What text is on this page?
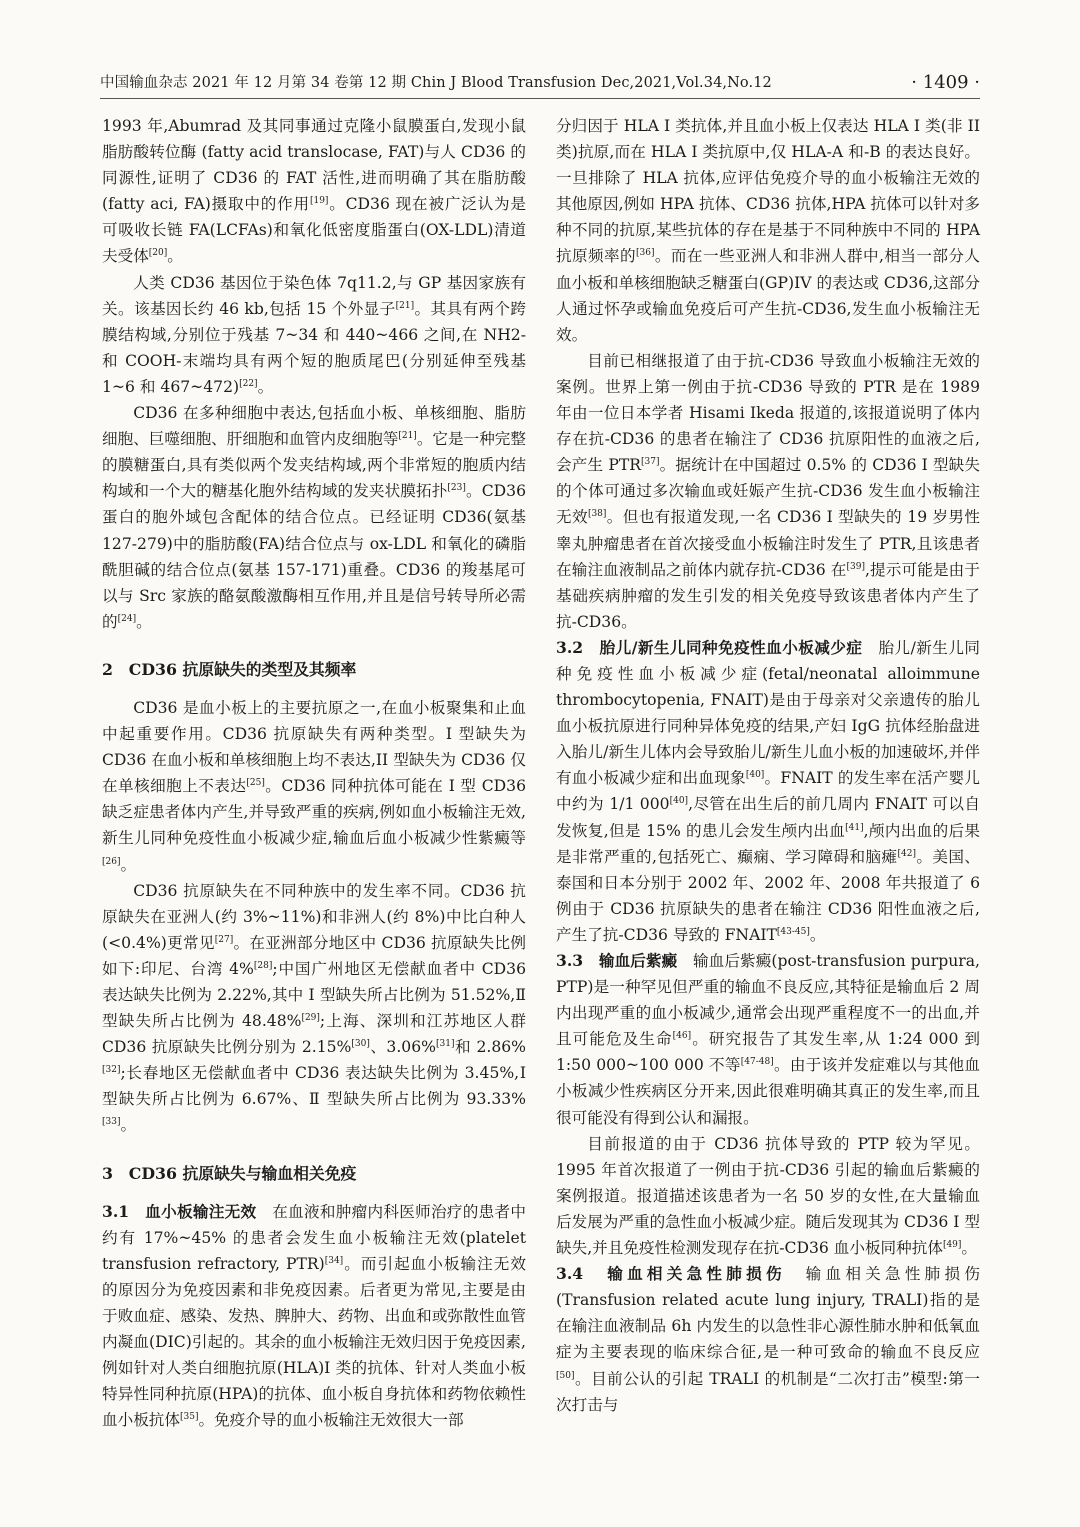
中国输血杂志 2021 年 12 月第 34 卷第 12 期 Chin J Blood Transfusion Dec,2021,Vol.34,No.12	· 1409 ·

1993 年,Abumrad 及其同事通过克隆小鼠膜蛋白,发现小鼠脂肪酸转位酶 (fatty acid translocase, FAT)与人 CD36 的同源性,证明了 CD36 的 FAT 活性,进而明确了其在脂肪酸(fatty aci, FA)摄取中的作用[19]。CD36 现在被广泛认为是可吸收长链 FA(LCFAs)和氧化低密度脂蛋白(OX-LDL)清道夫受体[20]。

人类 CD36 基因位于染色体 7q11.2,与 GP 基因家族有关。该基因长约 46 kb,包括 15 个外显子[21]。其具有两个跨膜结构域,分别位于残基 7~34 和 440~466 之间,在 NH2-和 COOH-末端均具有两个短的胞质尾巴(分别延伸至残基 1~6 和 467~472)[22]。

CD36 在多种细胞中表达,包括血小板、单核细胞、脂肪细胞、巨噬细胞、肝细胞和血管内皮细胞等[21]。它是一种完整的膜糖蛋白,具有类似两个发夹结构域,两个非常短的胞质内结构域和一个大的糖基化胞外结构域的发夹状膜拓扑[23]。CD36 蛋白的胞外域包含配体的结合位点。已经证明 CD36(氨基 127-279)中的脂肪酸(FA)结合位点与 ox-LDL 和氧化的磷脂酰胆碱的结合位点(氨基 157-171)重叠。CD36 的羧基尾可以与 Src 家族的酪氨酸激酶相互作用,并且是信号转导所必需的[24]。

2　CD36 抗原缺失的类型及其频率

CD36 是血小板上的主要抗原之一,在血小板聚集和止血中起重要作用。CD36 抗原缺失有两种类型。I 型缺失为 CD36 在血小板和单核细胞上均不表达,II 型缺失为 CD36 仅在单核细胞上不表达[25]。CD36 同种抗体可能在 I 型 CD36 缺乏症患者体内产生,并导致严重的疾病,例如血小板输注无效,新生儿同种免疫性血小板减少症,输血后血小板减少性紫癜等[26]。

CD36 抗原缺失在不同种族中的发生率不同。CD36 抗原缺失在亚洲人(约 3%~11%)和非洲人(约 8%)中比白种人(<0.4%)更常见[27]。在亚洲部分地区中 CD36 抗原缺失比例如下:印尼、台湾 4%[28];中国广州地区无偿献血者中 CD36 表达缺失比例为 2.22%,其中 Ⅰ 型缺失所占比例为 51.52%,Ⅱ 型缺失所占比例为 48.48%[29];上海、深圳和江苏地区人群 CD36 抗原缺失比例分别为 2.15%[30]、3.06%[31]和 2.86%[32];长春地区无偿献血者中 CD36 表达缺失比例为 3.45%,Ⅰ 型缺失所占比例为 6.67%、Ⅱ 型缺失所占比例为 93.33%[33]。

3　CD36 抗原缺失与输血相关免疫

3.1　 血小板输注无效　 在血液和肿瘤内科医师治疗的患者中约有 17%~45% 的患者会发生血小板输注无效(platelet transfusion refractory, PTR)[34]。而引起血小板输注无效的原因分为免疫因素和非免疫因素。后者更为常见,主要是由于败血症、感染、发热、脾肿大、药物、出血和或弥散性血管内凝血(DIC)引起的。其余的血小板输注无效归因于免疫因素,例如针对人类白细胞抗原(HLA)I 类的抗体、针对人类血小板特异性同种抗原(HPA)的抗体、血小板自身抗体和药物依赖性血小板抗体[35]。免疫介导的血小板输注无效很大一部

分归因于 HLA I 类抗体,并且血小板上仅表达 HLA I 类(非 II 类)抗原,而在 HLA I 类抗原中,仅 HLA-A 和-B 的表达良好。一旦排除了 HLA 抗体,应评估免疫介导的血小板输注无效的其他原因,例如 HPA 抗体、CD36 抗体,HPA 抗体可以针对多种不同的抗原,某些抗体的存在是基于不同种族中不同的 HPA 抗原频率的[36]。而在一些亚洲人和非洲人群中,相当一部分人血小板和单核细胞缺乏糖蛋白(GP)IV 的表达或 CD36,这部分人通过怀孕或输血免疫后可产生抗-CD36,发生血小板输注无效。

目前已相继报道了由于抗-CD36 导致血小板输注无效的案例。世界上第一例由于抗-CD36 导致的 PTR 是在 1989 年由一位日本学者 Hisami Ikeda 报道的,该报道说明了体内存在抗-CD36 的患者在输注了 CD36 抗原阳性的血液之后,会产生 PTR[37]。据统计在中国超过 0.5% 的 CD36 I 型缺失的个体可通过多次输血或妊娠产生抗-CD36 发生血小板输注无效[38]。但也有报道发现,一名 CD36 I 型缺失的 19 岁男性睾丸肿瘤患者在首次接受血小板输注时发生了 PTR,且该患者在输注血液制品之前体内就存抗-CD36 在[39],提示可能是由于基础疾病肿瘤的发生引发的相关免疫导致该患者体内产生了抗-CD36。

3.2　 胎儿/新生儿同种免疫性血小板减少症　 胎儿/新生儿同种免疫性血小板减少症(fetal/neonatal alloimmune thrombocytopenia, FNAIT)是由于母亲对父亲遗传的胎儿血小板抗原进行同种异体免疫的结果,产妇 IgG 抗体经胎盘进入胎儿/新生儿体内会导致胎儿/新生儿血小板的加速破坏,并伴有血小板减少症和出血现象[40]。FNAIT 的发生率在活产婴儿中约为 1/1 000[40],尽管在出生后的前几周内 FNAIT 可以自发恢复,但是 15% 的患儿会发生颅内出血[41],颅内出血的后果是非常严重的,包括死亡、癫痫、学习障碍和脑瘫[42]。美国、泰国和日本分别于 2002 年、2002 年、2008 年共报道了 6 例由于 CD36 抗原缺失的患者在输注 CD36 阳性血液之后,产生了抗-CD36 导致的 FNAIT[43-45]。

3.3　 输血后紫癜　 输血后紫癜(post-transfusion purpura, PTP)是一种罕见但严重的输血不良反应,其特征是输血后 2 周内出现严重的血小板减少,通常会出现严重程度不一的出血,并且可能危及生命[46]。研究报告了其发生率,从 1:24 000 到 1:50 000~100 000 不等[47-48]。由于该并发症难以与其他血小板减少性疾病区分开来,因此很难明确其真正的发生率,而且很可能没有得到公认和漏报。

目前报道的由于 CD36 抗体导致的 PTP 较为罕见。1995 年首次报道了一例由于抗-CD36 引起的输血后紫癜的案例报道。报道描述该患者为一名 50 岁的女性,在大量输血后发展为严重的急性血小板减少症。随后发现其为 CD36 I 型缺失,并且免疫性检测发现存在抗-CD36 血小板同种抗体[49]。

3.4　 输血相关急性肺损伤　 输血相关急性肺损伤(Transfusion related acute lung injury, TRALI)指的是在输注血液制品 6h 内发生的以急性非心源性肺水肿和低氧血症为主要表现的临床综合征,是一种可致命的输血不良反应[50]。目前公认的引起 TRALI 的机制是“二次打击”模型:第一次打击与
